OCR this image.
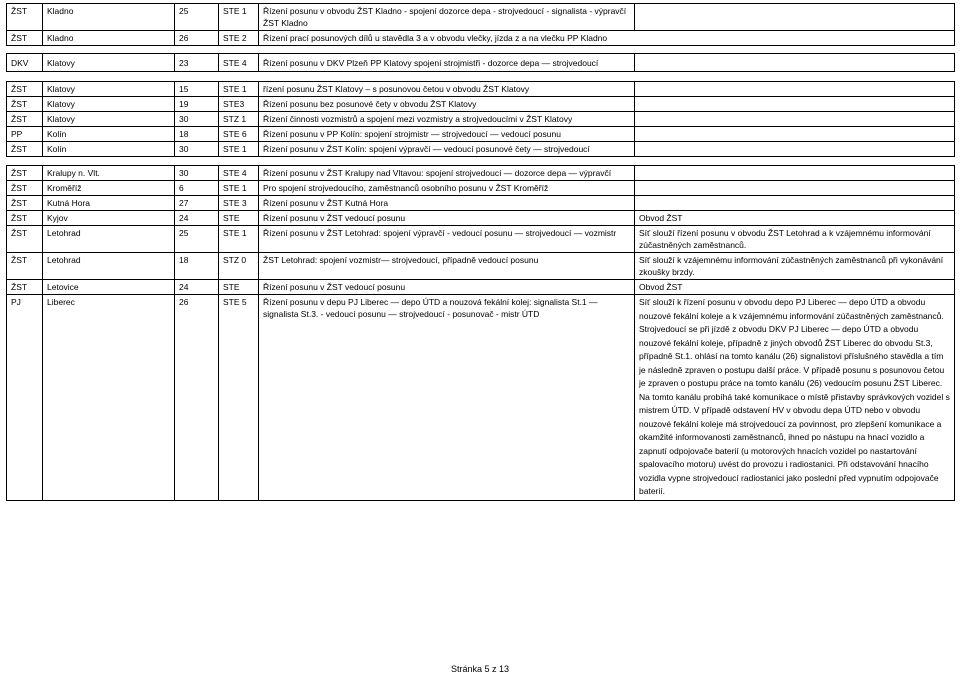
ŽST	Kladno	25	STE 1	Řízení posunu v obvodu ŽST Kladno - spojení dozorce depa - strojvedoucí - signalista - výpravčí ŽST Kladno	
ŽST	Kladno	26	STE 2	Řízení prací posunových dílů u stavědla 3 a v obvodu vlečky, jízda z a na vlečku PP Kladno	
DKV	Klatovy	23	STE 4	Řízení posunu v DKV Plzeň PP Klatovy spojení strojmistři - dozorce depa — strojvedoucí	
ŽST	Klatovy	15	STE 1	řízení posunu ŽST Klatovy – s posunovou četou v obvodu ŽST Klatovy	
ŽST	Klatovy	19	STE3	Řízení posunu bez posunové čety v obvodu ŽST Klatovy	
ŽST	Klatovy	30	STZ 1	Řízení činnosti vozmistrů a spojení mezi vozmistry a strojvedoucími v ŽST Klatovy	
PP	Kolín	18	STE 6	Řízení posunu v PP Kolín: spojení strojmistr — strojvedoucí — vedoucí posunu	
ŽST	Kolín	30	STE 1	Řízení posunu v ŽST Kolín: spojení výpravčí — vedoucí posunové čety — strojvedoucí	
ŽST	Kralupy n. Vlt.	30	STE 4	Řízení posunu v ŽST Kralupy nad Vltavou: spojení strojvedoucí — dozorce depa — výpravčí	
ŽST	Kroměříž	6	STE 1	Pro spojení strojvedoucího, zaměstnanců osobního posunu v ŽST Kroměříž	
ŽST	Kutná Hora	27	STE 3	Řízení posunu v ŽST Kutná Hora	
ŽST	Kyjov	24	STE	Řízení posunu v ŽST vedoucí posunu	Obvod ŽST
ŽST	Letohrad	25	STE 1	Řízení posunu v ŽST Letohrad: spojení výpravčí - vedoucí posunu — strojvedoucí — vozmistr	Síť slouží řízení posunu v obvodu ŽST Letohrad a k vzájemnému informování zúčastněných zaměstnanců.
ŽST	Letohrad	18	STZ 0	ŽST Letohrad: spojení vozmistr— strojvedoucí, případně vedoucí posunu	Síť slouží k vzájemnému informování zúčastněných zaměstnanců při vykonávání zkoušky brzdy.
ŽST	Letovice	24	STE	Řízení posunu v ŽST vedoucí posunu	Obvod ŽST
PJ	Liberec	26	STE 5	Řízení posunu v depu PJ Liberec — depo ÚTD a nouzová fekální kolej: signalista St.1 — signalista St.3. - vedoucí posunu — strojvedoucí - posunovač - mistr ÚTD	Síť slouží k řízení posunu v obvodu depo PJ Liberec — depo ÚTD a obvodu nouzové fekální koleje a k vzájemnému informování zúčastněných zaměstnanců. Strojvedoucí se při jízdě z obvodu DKV PJ Liberec — depo ÚTD a obvodu nouzové fekální koleje, případně z jiných obvodů ŽST Liberec do obvodu St.3, případně St.1. ohlásí na tomto kanálu (26) signalistovi příslušného stavědla a tím je následně zpraven o postupu další práce. V případě posunu s posunovou četou je zpraven o postupu práce na tomto kanálu (26) vedoucím posunu ŽST Liberec. Na tomto kanálu probíhá také komunikace o místě přistavby správkových vozidel s mistrem ÚTD. V případě odstavení HV v obvodu depa ÚTD nebo v obvodu nouzové fekální koleje má strojvedoucí za povinnost, pro zlepšení komunikace a okamžité informovanosti zaměstnanců, ihned po nástupu na hnací vozidlo a zapnutí odpojovače baterií (u motorových hnacích vozidel po nastartování spalovacího motoru) uvést do provozu i radiostanici. Při odstavování hnacího vozidla vypne strojvedoucí radiostanici jako poslední před vypnutím odpojovače baterií.
Stránka 5 z 13
